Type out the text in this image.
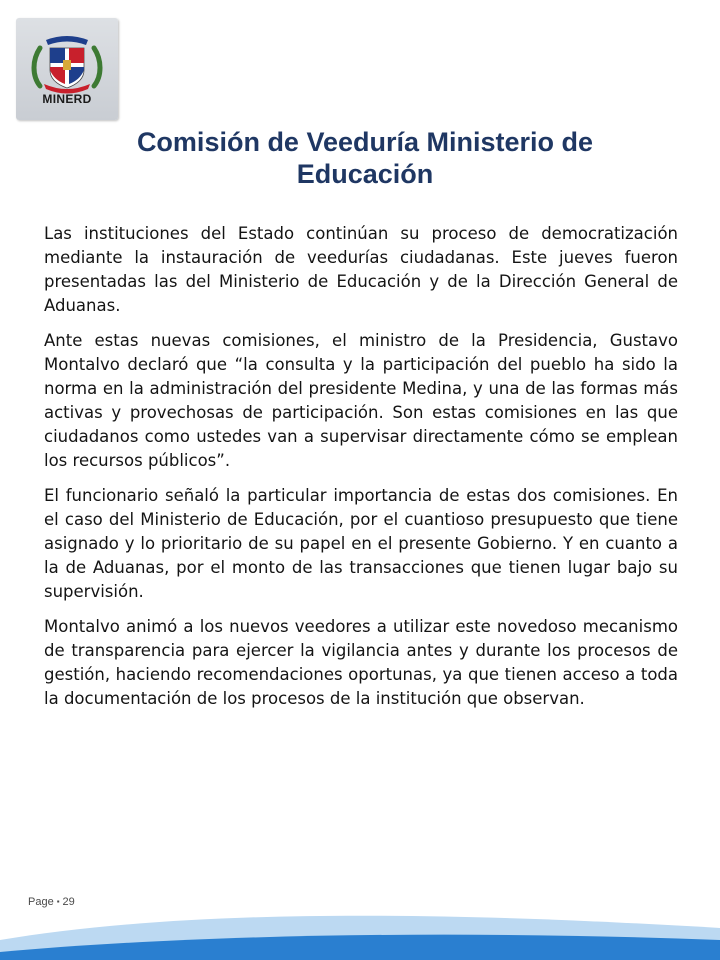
MINERD
Comisión de Veeduría Ministerio de
Educación

Las instituciones del Estado continúan su proceso de democratización mediante la instauración de veedurías ciudadanas. Este jueves fueron presentadas las del Ministerio de Educación y de la Dirección General de Aduanas.

Ante estas nuevas comisiones, el ministro de la Presidencia, Gustavo Montalvo declaró que “la consulta y la participación del pueblo ha sido la norma en la administración del presidente Medina, y una de las formas más activas y provechosas de participación. Son estas comisiones en las que ciudadanos como ustedes van a supervisar directamente cómo se emplean los recursos públicos”.

El funcionario señaló la particular importancia de estas dos comisiones. En el caso del Ministerio de Educación, por el cuantioso presupuesto que tiene asignado y lo prioritario de su papel en el presente Gobierno. Y en cuanto a la de Aduanas, por el monto de las transacciones que tienen lugar bajo su supervisión.

Montalvo animó a los nuevos veedores a utilizar este novedoso mecanismo de transparencia para ejercer la vigilancia antes y durante los procesos de gestión, haciendo recomendaciones oportunas, ya que tienen acceso a toda la documentación de los procesos de la institución que observan.

Page ▪ 29
